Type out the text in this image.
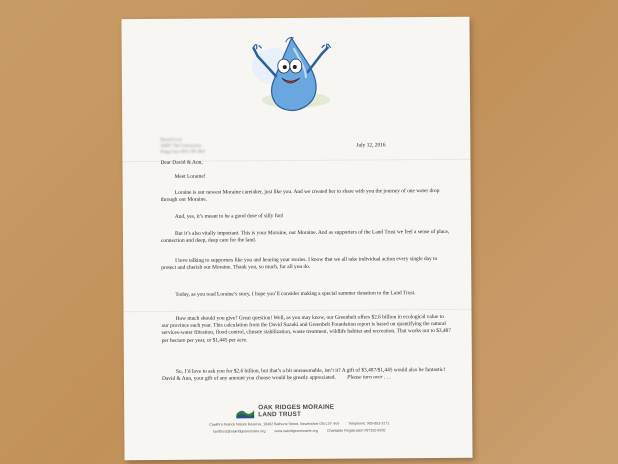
David Love
16897 7th Concession
King City ON L7B 1K4
July 12, 2016
Dear David & Ann,
Meet Loraine!
Loraine is our newest Moraine caretaker, just like you. And we created her to share with you the journey of one water drop through our Moraine.
And, yes, it’s meant to be a good dose of silly fun!
But it’s also vitally important. This is your Moraine, our Moraine. And as supporters of the Land Trust we feel a sense of place, connection and deep, deep care for the land.
I love talking to supporters like you and hearing your stories. I know that we all take individual action every single day to protect and cherish our Moraine. Thank you, so much, for all you do.
Today, as you read Loraine’s story, I hope you’ll consider making a special summer donation to the Land Trust.
How much should you give? Great question! Well, as you may know, our Greenbelt offers $2.6 billion in ecological value to our province each year. This calculation from the David Suzuki and Greenbelt Foundation report is based on quantifying the natural services-water filtration, flood control, climate stabilization, waste treatment, wildlife habitat and recreation. That works out to $3,487 per hectare per year, or $1,445 per acre.
So, I’d love to ask you for $2.6 billion, but that’s a bit unreasonable, isn’t it? A gift of $3,487/$1,445 would also be fantastic! David & Ann, your gift of any amount you choose would be greatly appreciated. Please turn over . . .
OAK RIDGES MORAINE
LAND TRUST
Cawthra Mulock Nature Reserve, 18462 Bathurst Street, Newmarket ON L3Y 4V9 Telephone: 905-853-3171
landtrust@oakridgesmoraine.org www.oakridgesmoraine.org Charitable Registration #87320 6920
